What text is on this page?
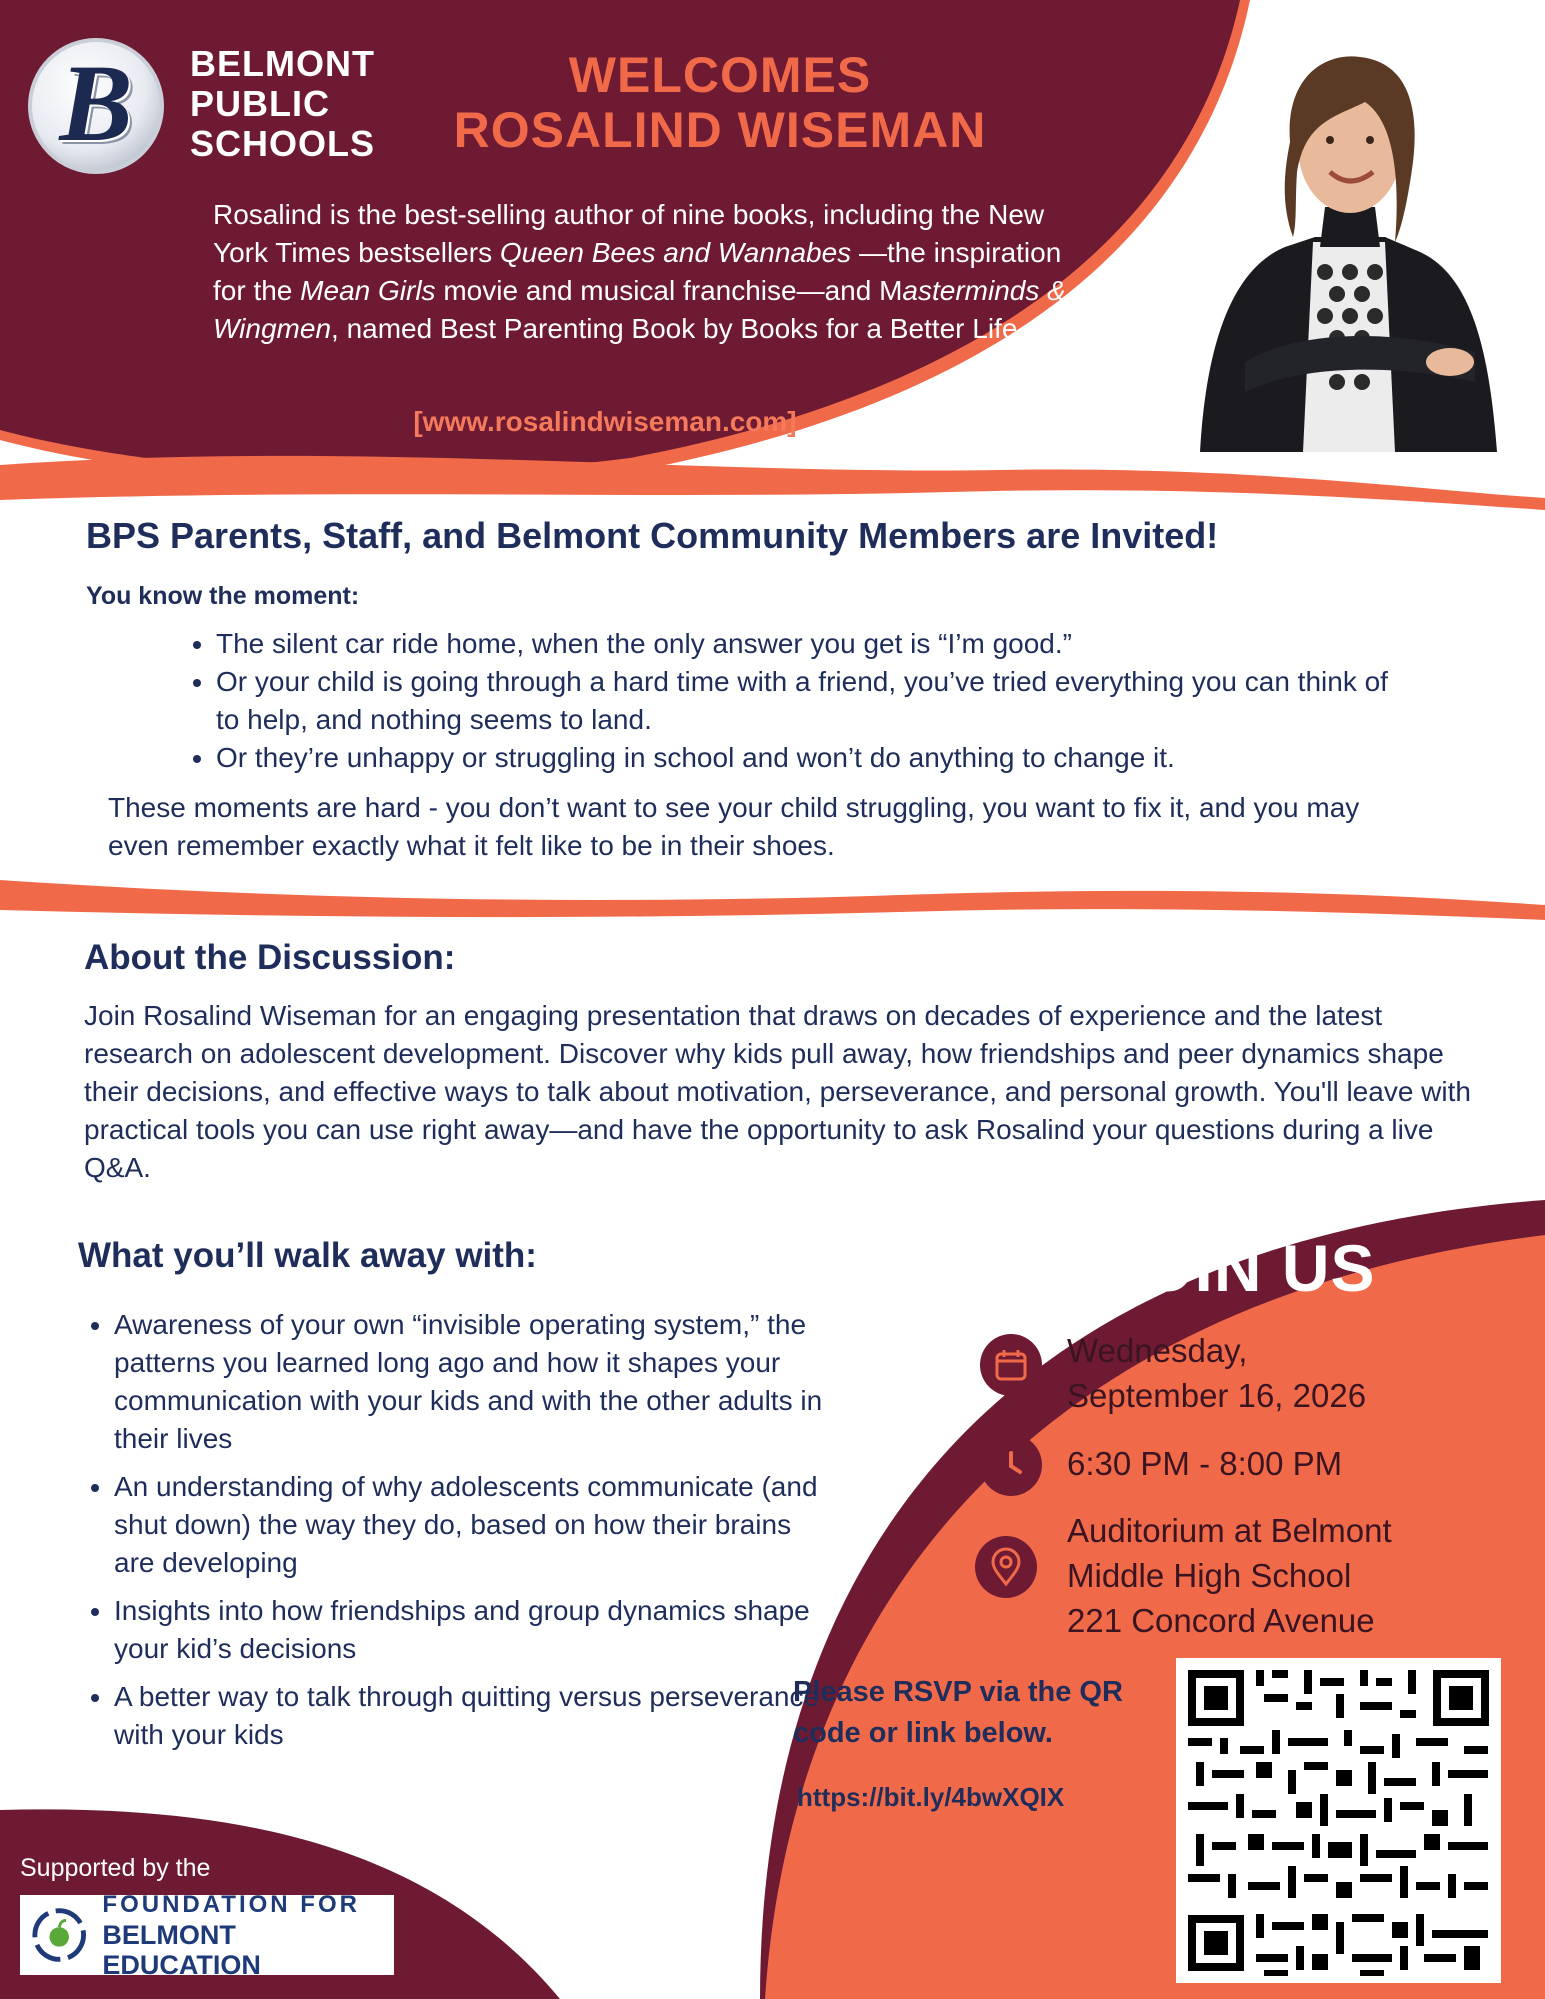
B BELMONT
PUBLIC
SCHOOLS
WELCOMES
ROSALIND WISEMAN
Rosalind is the best-selling author of nine books, including the New York Times bestsellers Queen Bees and Wannabes —the inspiration for the Mean Girls movie and musical franchise—and Masterminds & Wingmen, named Best Parenting Book by Books for a Better Life.
[www.rosalindwiseman.com]
BPS Parents, Staff, and Belmont Community Members are Invited!
You know the moment:
• The silent car ride home, when the only answer you get is “I’m good.”
• Or your child is going through a hard time with a friend, you’ve tried everything you can think of to help, and nothing seems to land.
• Or they’re unhappy or struggling in school and won’t do anything to change it.
These moments are hard - you don’t want to see your child struggling, you want to fix it, and you may even remember exactly what it felt like to be in their shoes.
About the Discussion:
Join Rosalind Wiseman for an engaging presentation that draws on decades of experience and the latest research on adolescent development. Discover why kids pull away, how friendships and peer dynamics shape their decisions, and effective ways to talk about motivation, perseverance, and personal growth. You'll leave with practical tools you can use right away—and have the opportunity to ask Rosalind your questions during a live Q&A.
What you’ll walk away with:
• Awareness of your own “invisible operating system,” the patterns you learned long ago and how it shapes your communication with your kids and with the other adults in their lives
• An understanding of why adolescents communicate (and shut down) the way they do, based on how their brains are developing
• Insights into how friendships and group dynamics shape your kid’s decisions
• A better way to talk through quitting versus perseverance with your kids
JOIN US
Wednesday,
September 16, 2026
6:30 PM - 8:00 PM
Auditorium at Belmont
Middle High School
221 Concord Avenue
Please RSVP via the QR code or link below.
https://bit.ly/4bwXQIX
Supported by the
FOUNDATION FOR
BELMONT EDUCATION
